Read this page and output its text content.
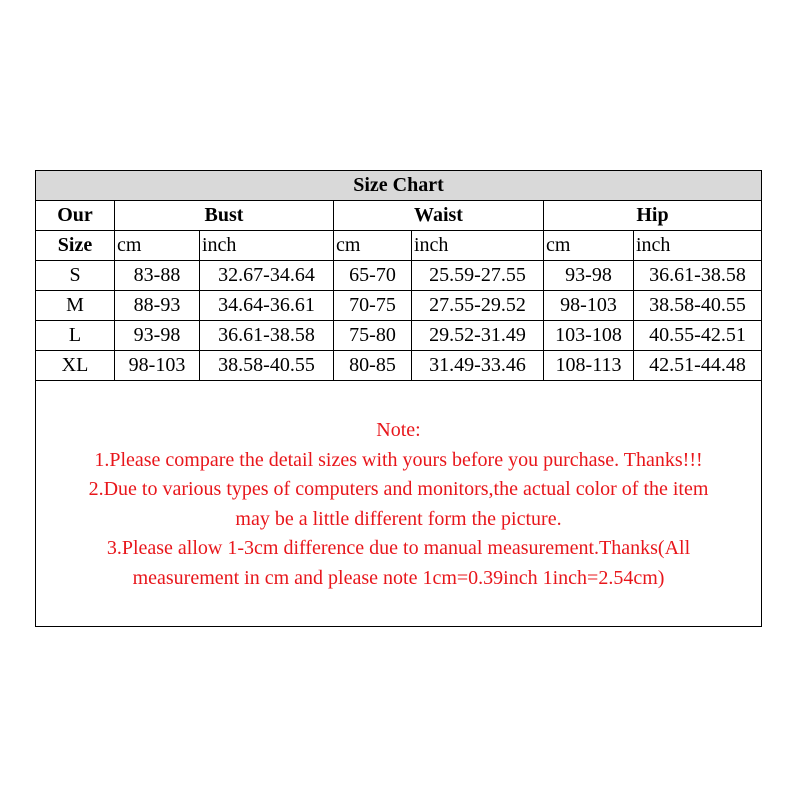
Size Chart						
Our	Bust		Waist		Hip	
Size	cm	inch	cm	inch	cm	inch
S	83-88	32.67-34.64	65-70	25.59-27.55	93-98	36.61-38.58
M	88-93	34.64-36.61	70-75	27.55-29.52	98-103	38.58-40.55
L	93-98	36.61-38.58	75-80	29.52-31.49	103-108	40.55-42.51
XL	98-103	38.58-40.55	80-85	31.49-33.46	108-113	42.51-44.48
Note:
1.Please compare the detail sizes with yours before you purchase. Thanks!!!
2.Due to various types of computers and monitors,the actual color of the item
may be a little different form the picture.
3.Please allow 1-3cm difference due to manual measurement.Thanks(All
measurement in cm and please note 1cm=0.39inch 1inch=2.54cm)
